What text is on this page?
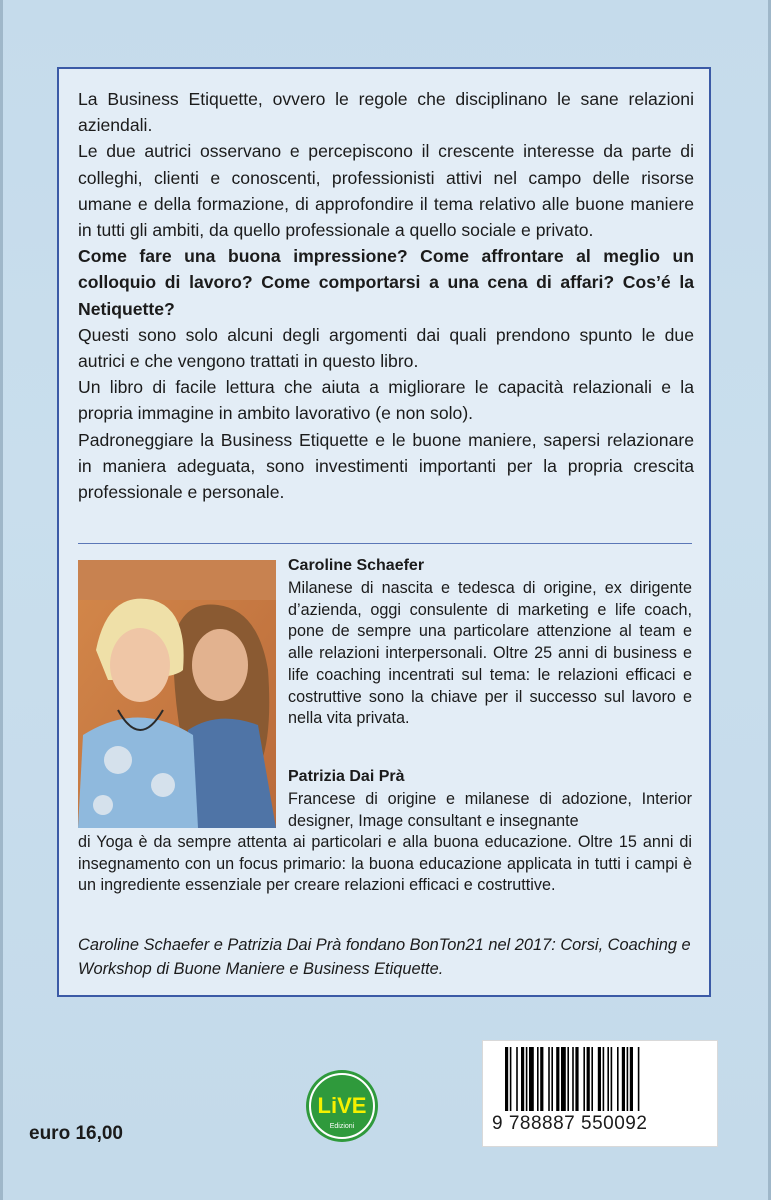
La Business Etiquette, ovvero le regole che disciplinano le sane relazioni aziendali.

Le due autrici osservano e percepiscono il crescente interesse da parte di colleghi, clienti e conoscenti, professionisti attivi nel campo delle risorse umane e della formazione, di approfondire il tema relativo alle buone maniere in tutti gli ambiti, da quello professionale a quello sociale e privato.

Come fare una buona impressione? Come affrontare al meglio un colloquio di lavoro? Come comportarsi a una cena di affari? Cos’é la Netiquette?

Questi sono solo alcuni degli argomenti dai quali prendono spunto le due autrici e che vengono trattati in questo libro.

Un libro di facile lettura che aiuta a migliorare le capacità relazionali e la propria immagine in ambito lavorativo (e non solo).

Padroneggiare la Business Etiquette e le buone maniere, sapersi relazionare in maniera adeguata, sono investimenti importanti per la propria crescita professionale e personale.

Caroline Schaefer
Milanese di nascita e tedesca di origine, ex dirigente d’azienda, oggi consulente di marketing e life coach, pone de sempre una particolare attenzione al team e alle relazioni interpersonali. Oltre 25 anni di business e life coaching incentrati sul tema: le relazioni efficaci e costruttive sono la chiave per il successo sul lavoro e nella vita privata.
Patrizia Dai Prà
Francese di origine e milanese di adozione, Interior designer, Image consultant e insegnante
di Yoga è da sempre attenta ai particolari e alla buona educazione. Oltre 15 anni di insegnamento con un focus primario: la buona educazione applicata in tutti i campi è un ingrediente essenziale per creare relazioni efficaci e costruttive.
Caroline Schaefer e Patrizia Dai Prà fondano BonTon21 nel 2017: Corsi, Coaching e Workshop di Buone Maniere e Business Etiquette.
euro 16,00
LiVE
Edizioni	9 788887 550092
